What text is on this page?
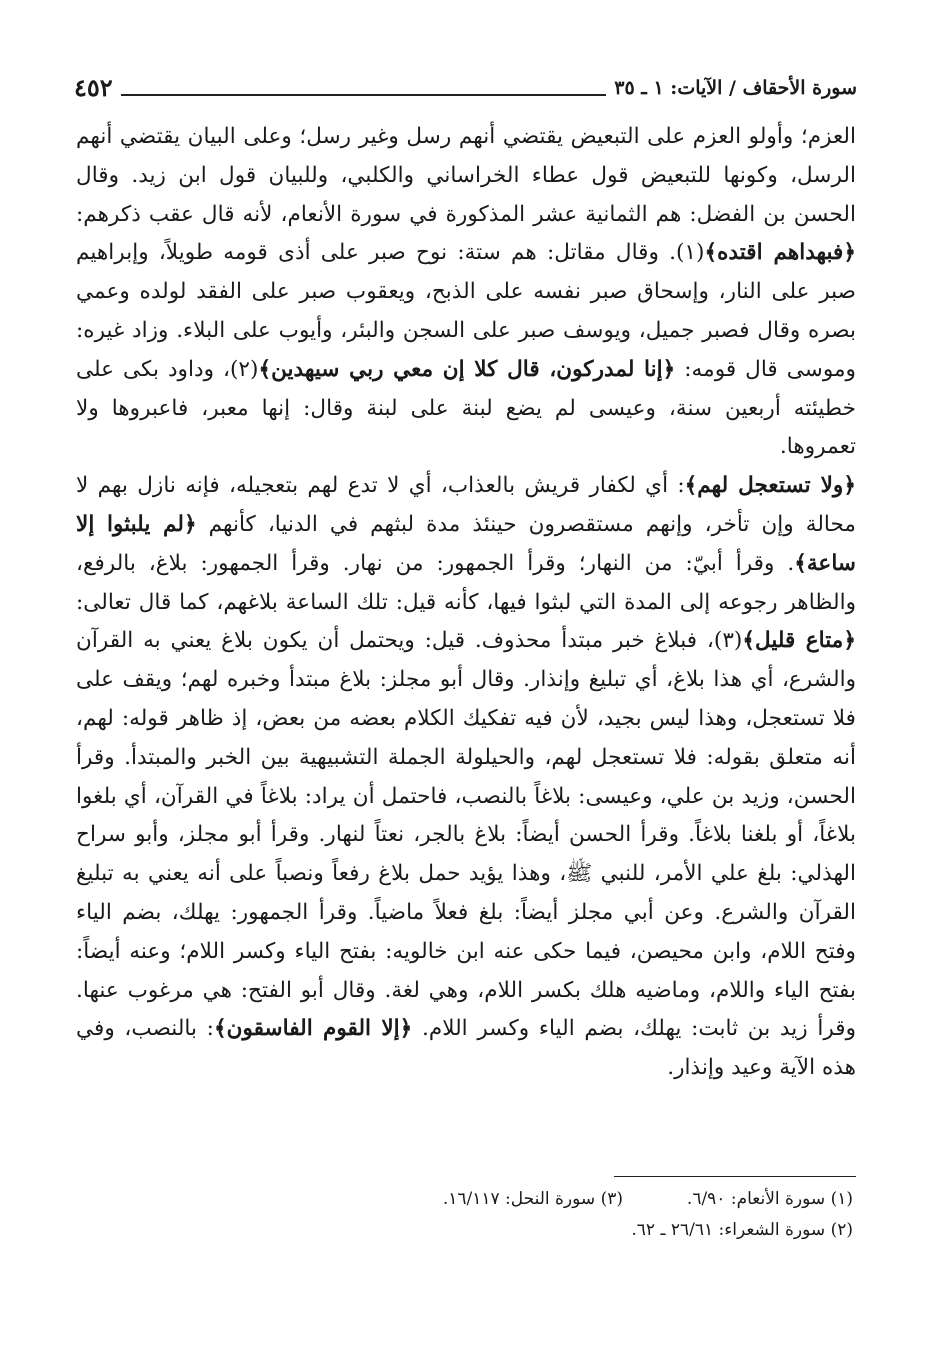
٤٥٢	سورة الأحقاف / الآيات: ١ ـ ٣٥

العزم؛ وأولو العزم على التبعيض يقتضي أنهم رسل وغير رسل؛ وعلى البيان يقتضي أنهم الرسل، وكونها للتبعيض قول عطاء الخراساني والكلبي، وللبيان قول ابن زيد. وقال الحسن بن الفضل: هم الثمانية عشر المذكورة في سورة الأنعام، لأنه قال عقب ذكرهم: ﴿فبهداهم اقتده﴾(١). وقال مقاتل: هم ستة: نوح صبر على أذى قومه طويلاً، وإبراهيم صبر على النار، وإسحاق صبر نفسه على الذبح، ويعقوب صبر على الفقد لولده وعمي بصره وقال فصبر جميل، ويوسف صبر على السجن والبئر، وأيوب على البلاء. وزاد غيره: وموسى قال قومه: ﴿إنا لمدركون، قال كلا إن معي ربي سيهدين﴾(٢)، وداود بكى على خطيئته أربعين سنة، وعيسى لم يضع لبنة على لبنة وقال: إنها معبر، فاعبروها ولا تعمروها.

﴿ولا تستعجل لهم﴾: أي لكفار قريش بالعذاب، أي لا تدع لهم بتعجيله، فإنه نازل بهم لا محالة وإن تأخر، وإنهم مستقصرون حينئذ مدة لبثهم في الدنيا، كأنهم ﴿لم يلبثوا إلا ساعة﴾. وقرأ أبيّ: من النهار؛ وقرأ الجمهور: من نهار. وقرأ الجمهور: بلاغ، بالرفع، والظاهر رجوعه إلى المدة التي لبثوا فيها، كأنه قيل: تلك الساعة بلاغهم، كما قال تعالى: ﴿متاع قليل﴾(٣)، فبلاغ خبر مبتدأ محذوف. قيل: ويحتمل أن يكون بلاغ يعني به القرآن والشرع، أي هذا بلاغ، أي تبليغ وإنذار. وقال أبو مجلز: بلاغ مبتدأ وخبره لهم؛ ويقف على فلا تستعجل، وهذا ليس بجيد، لأن فيه تفكيك الكلام بعضه من بعض، إذ ظاهر قوله: لهم، أنه متعلق بقوله: فلا تستعجل لهم، والحيلولة الجملة التشبيهية بين الخبر والمبتدأ. وقرأ الحسن، وزيد بن علي، وعيسى: بلاغاً بالنصب، فاحتمل أن يراد: بلاغاً في القرآن، أي بلغوا بلاغاً، أو بلغنا بلاغاً. وقرأ الحسن أيضاً: بلاغ بالجر، نعتاً لنهار. وقرأ أبو مجلز، وأبو سراح الهذلي: بلغ علي الأمر، للنبي ﷺ، وهذا يؤيد حمل بلاغ رفعاً ونصباً على أنه يعني به تبليغ القرآن والشرع. وعن أبي مجلز أيضاً: بلغ فعلاً ماضياً. وقرأ الجمهور: يهلك، بضم الياء وفتح اللام، وابن محيصن، فيما حكى عنه ابن خالويه: بفتح الياء وكسر اللام؛ وعنه أيضاً: بفتح الياء واللام، وماضيه هلك بكسر اللام، وهي لغة. وقال أبو الفتح: هي مرغوب عنها. وقرأ زيد بن ثابت: يهلك، بضم الياء وكسر اللام. ﴿إلا القوم الفاسقون﴾: بالنصب، وفي هذه الآية وعيد وإنذار.

(١) سورة الأنعام: ٦/٩٠.
(٣) سورة النحل: ١٦/١١٧.
(٢) سورة الشعراء: ٢٦/٦١ ـ ٦٢.
